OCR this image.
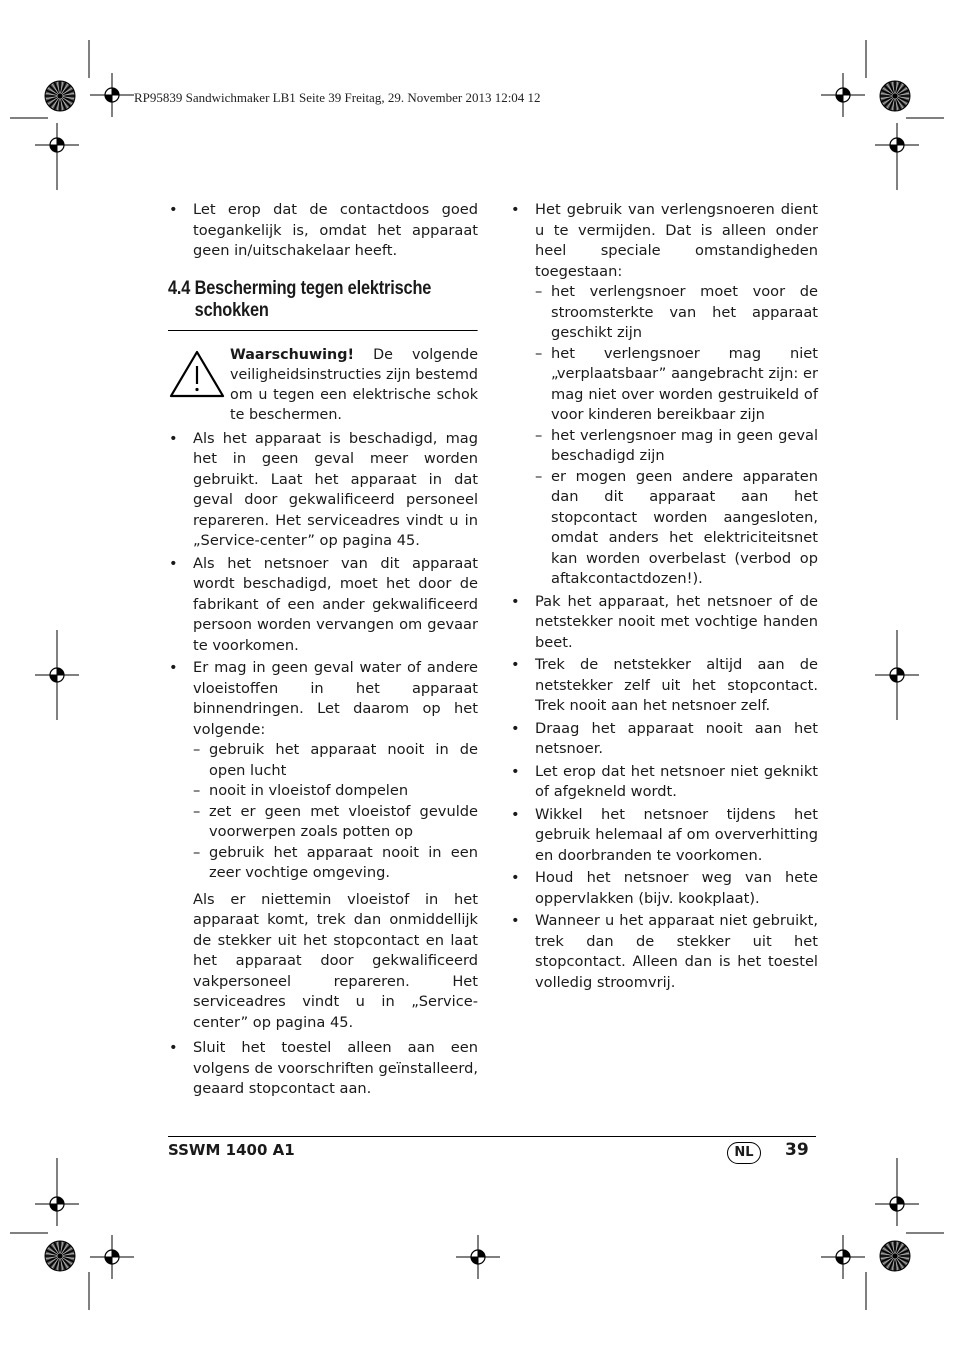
RP95839 Sandwichmaker LB1 Seite 39 Freitag, 29. November 2013 12:04 12
• Let erop dat de contactdoos goed toegankelijk is, omdat het apparaat geen in/uitschakelaar heeft.
4.4 Bescherming tegen elektrische
schokken
Waarschuwing! De volgende veiligheidsinstructies zijn bestemd om u tegen een elektrische schok te beschermen.
• Als het apparaat is beschadigd, mag het in geen geval meer worden gebruikt. Laat het apparaat in dat geval door gekwalificeerd personeel repareren. Het serviceadres vindt u in „Service-center” op pagina 45.
• Als het netsnoer van dit apparaat wordt beschadigd, moet het door de fabrikant of een ander gekwalificeerd persoon worden vervangen om gevaar te voorkomen.
• Er mag in geen geval water of andere vloeistoffen in het apparaat binnendringen. Let daarom op het volgende:
– gebruik het apparaat nooit in de open lucht
– nooit in vloeistof dompelen
– zet er geen met vloeistof gevulde voorwerpen zoals potten op
– gebruik het apparaat nooit in een zeer vochtige omgeving.
Als er niettemin vloeistof in het apparaat komt, trek dan onmiddellijk de stekker uit het stopcontact en laat het apparaat door gekwalificeerd vakpersoneel repareren. Het serviceadres vindt u in „Service-center” op pagina 45.
• Sluit het toestel alleen aan een volgens de voorschriften geïnstalleerd, geaard stopcontact aan.
• Het gebruik van verlengsnoeren dient u te vermijden. Dat is alleen onder heel speciale omstandigheden toegestaan:
– het verlengsnoer moet voor de stroomsterkte van het apparaat geschikt zijn
– het verlengsnoer mag niet „verplaatsbaar” aangebracht zijn: er mag niet over worden gestruikeld of voor kinderen bereikbaar zijn
– het verlengsnoer mag in geen geval beschadigd zijn
– er mogen geen andere apparaten dan dit apparaat aan het stopcontact worden aangesloten, omdat anders het elektriciteitsnet kan worden overbelast (verbod op aftakcontactdozen!).
• Pak het apparaat, het netsnoer of de netstekker nooit met vochtige handen beet.
• Trek de netstekker altijd aan de netstekker zelf uit het stopcontact. Trek nooit aan het netsnoer zelf.
• Draag het apparaat nooit aan het netsnoer.
• Let erop dat het netsnoer niet geknikt of afgekneld wordt.
• Wikkel het netsnoer tijdens het gebruik helemaal af om oververhitting en doorbranden te voorkomen.
• Houd het netsnoer weg van hete oppervlakken (bijv. kookplaat).
• Wanneer u het apparaat niet gebruikt, trek dan de stekker uit het stopcontact. Alleen dan is het toestel volledig stroomvrij.
SSWM 1400 A1	NL	39
